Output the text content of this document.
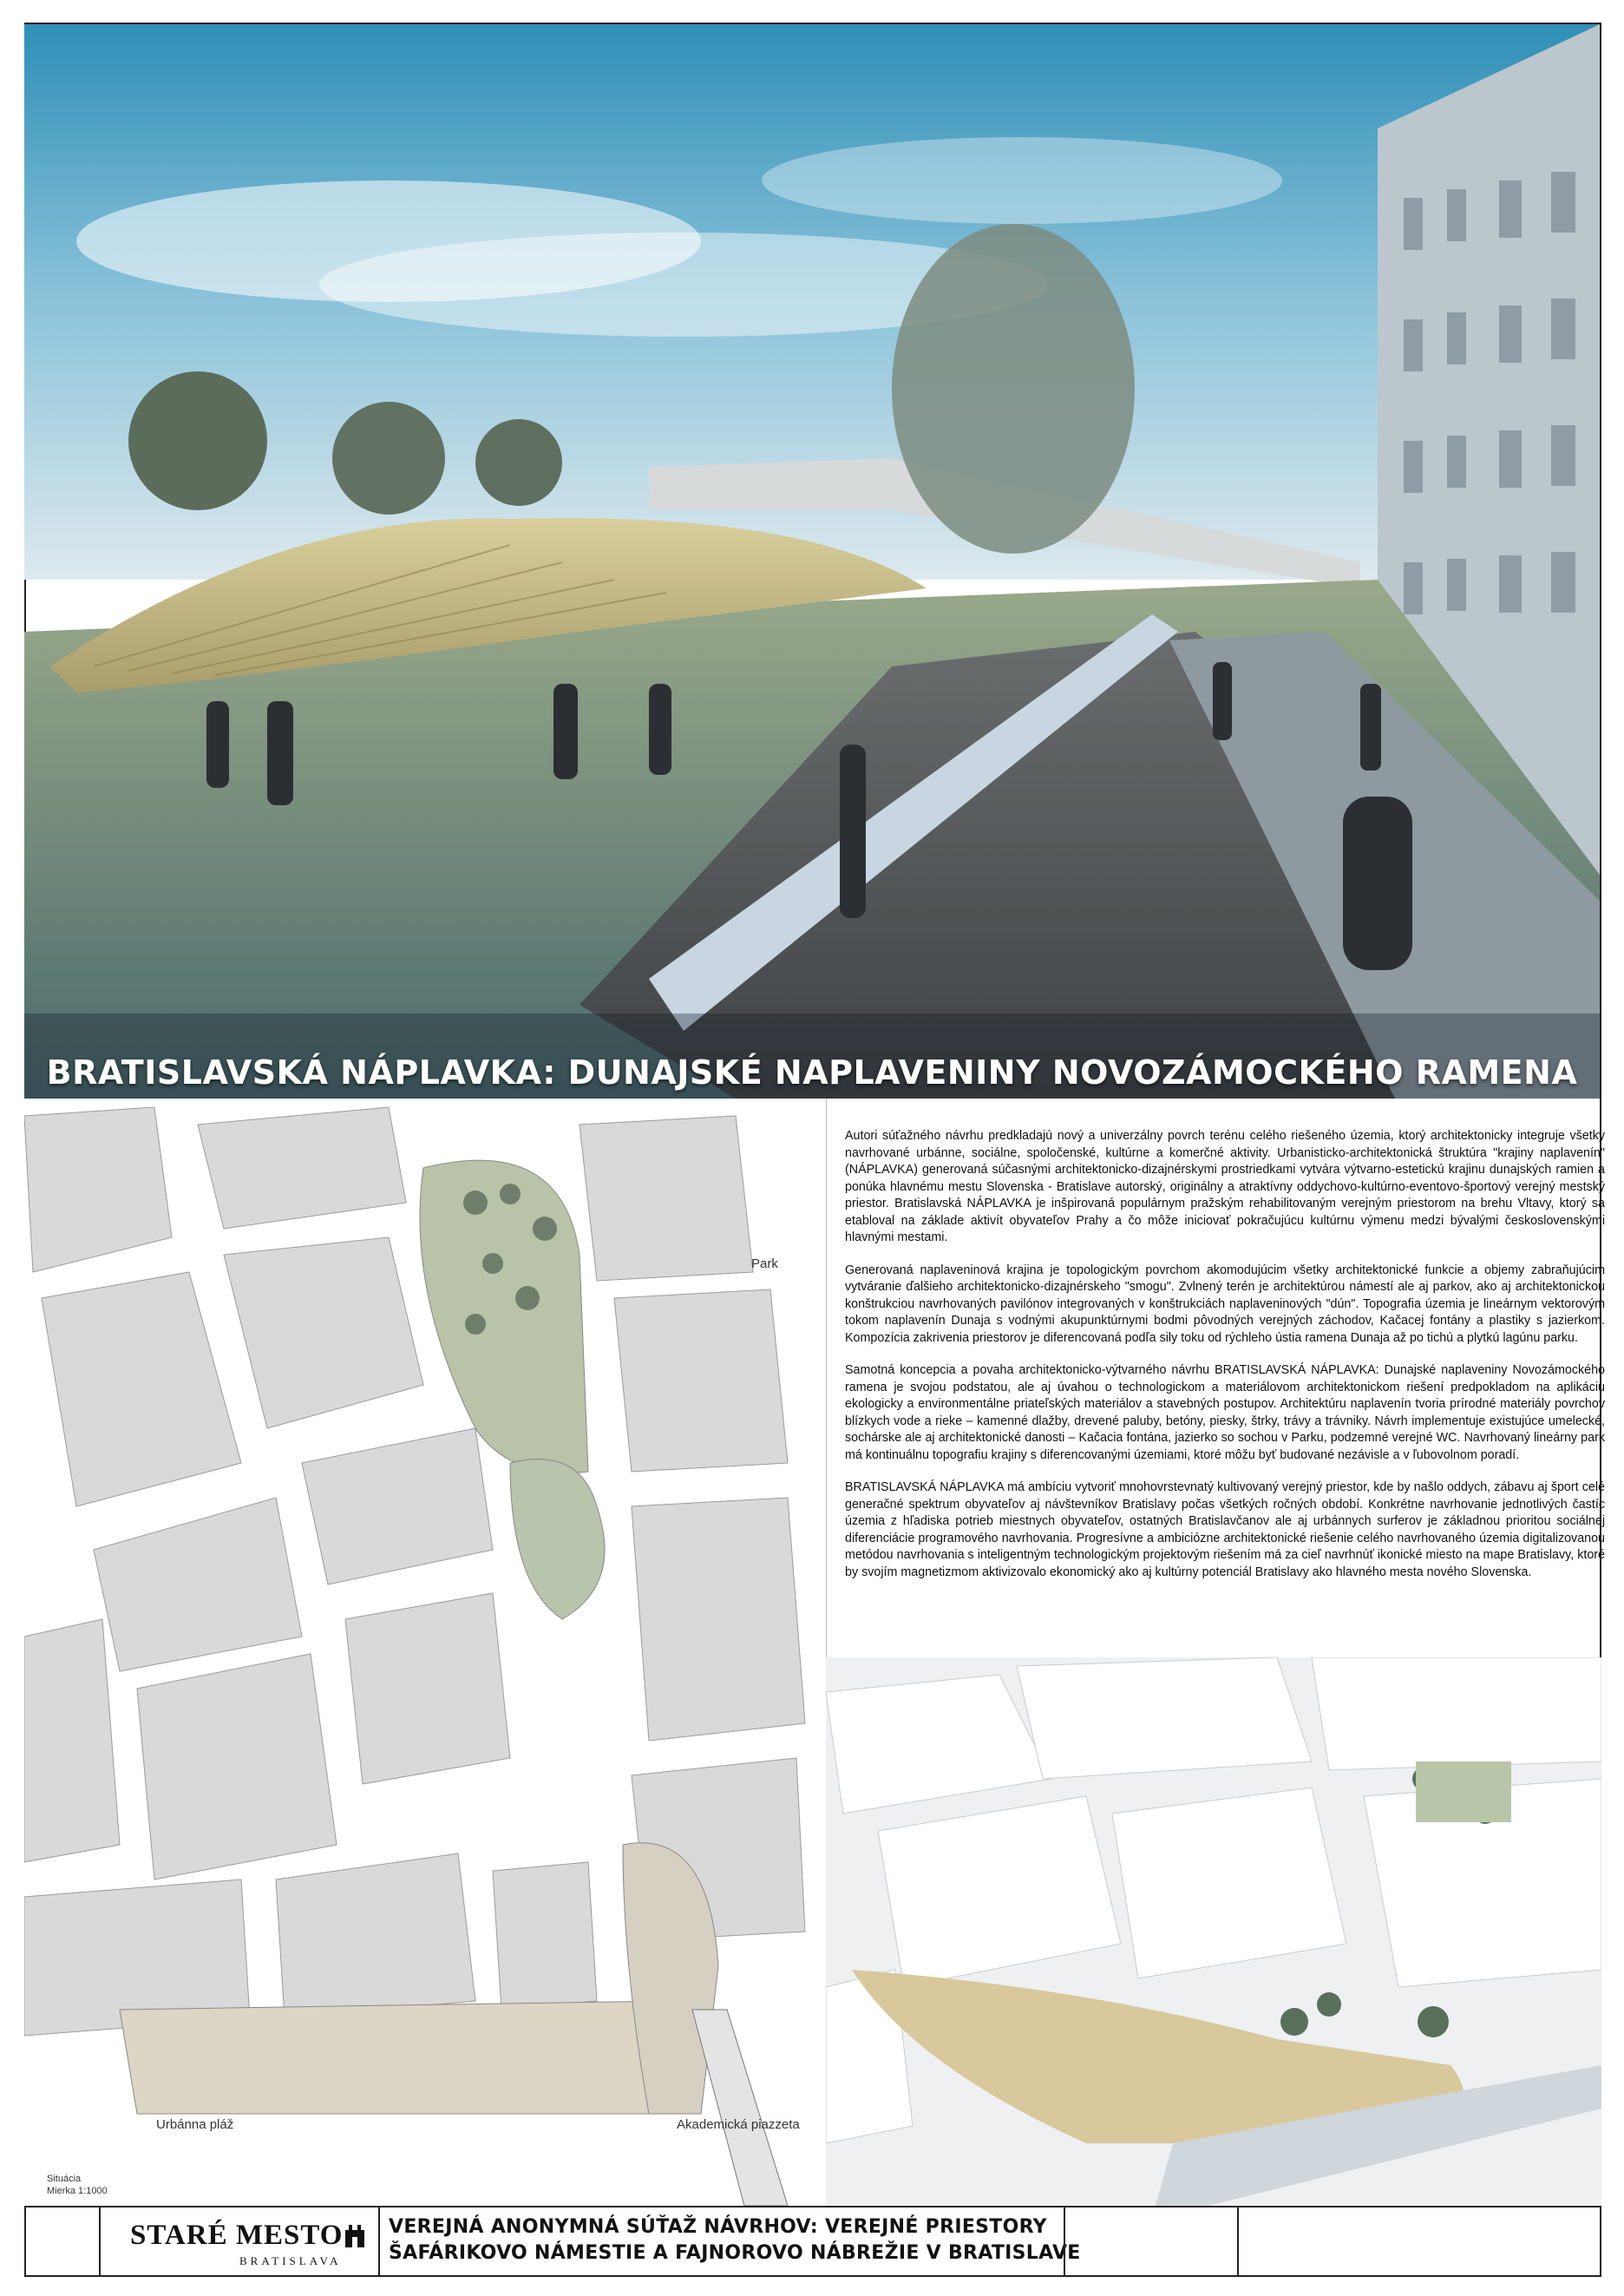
BRATISLAVSKÁ NÁPLAVKA: DUNAJSKÉ NAPLAVENINY NOVOZÁMOCKÉHO RAMENA
Park
Urbánna pláž	Akademická piazzeta
Situácia
Mierka 1:1000

Autori súťažného návrhu predkladajú nový a univerzálny povrch terénu celého riešeného územia, ktorý architektonicky integruje všetky navrhované urbánne, sociálne, spoločenské, kultúrne a komerčné aktivity. Urbanisticko-architektonická štruktúra "krajiny naplavenín" (NÁPLAVKA) generovaná súčasnými architektonicko-dizajnérskymi prostriedkami vytvára výtvarno-estetickú krajinu dunajských ramien a ponúka hlavnému mestu Slovenska - Bratislave autorský, originálny a atraktívny oddychovo-kultúrno-eventovo-športový verejný mestský priestor. Bratislavská NÁPLAVKA je inšpirovaná populárnym pražským rehabilitovaným verejným priestorom na brehu Vltavy, ktorý sa etabloval na základe aktivít obyvateľov Prahy a čo môže iniciovať pokračujúcu kultúrnu výmenu medzi bývalými československými hlavnými mestami.

Generovaná naplaveninová krajina je topologickým povrchom akomodujúcim všetky architektonické funkcie a objemy zabraňujúcim vytváranie ďalšieho architektonicko-dizajnérskeho "smogu". Zvlnený terén je architektúrou námestí ale aj parkov, ako aj architektonickou konštrukciou navrhovaných pavilónov integrovaných v konštrukciách naplaveninových "dún". Topografia územia je lineárnym vektorovým tokom naplavenín Dunaja s vodnými akupunktúrnymi bodmi pôvodných verejných záchodov, Kačacej fontány a plastiky s jazierkom. Kompozícia zakrivenia priestorov je diferencovaná podľa sily toku od rýchleho ústia ramena Dunaja až po tichú a plytkú lagúnu parku.

Samotná koncepcia a povaha architektonicko-výtvarného návrhu BRATISLAVSKÁ NÁPLAVKA: Dunajské naplaveniny Novozámockého ramena je svojou podstatou, ale aj úvahou o technologickom a materiálovom architektonickom riešení predpokladom na aplikáciu ekologicky a environmentálne priateľských materiálov a stavebných postupov. Architektúru naplavenín tvoria prírodné materiály povrchov blízkych vode a rieke – kamenné dlažby, drevené paluby, betóny, piesky, štrky, trávy a trávniky. Návrh implementuje existujúce umelecké, sochárske ale aj architektonické danosti – Kačacia fontána, jazierko so sochou v Parku, podzemné verejné WC. Navrhovaný lineárny park má kontinuálnu topografiu krajiny s diferencovanými územiami, ktoré môžu byť budované nezávisle a v ľubovolnom poradí.

BRATISLAVSKÁ NÁPLAVKA má ambíciu vytvoriť mnohovrstevnatý kultivovaný verejný priestor, kde by našlo oddych, zábavu aj šport celé generačné spektrum obyvateľov aj návštevníkov Bratislavy počas všetkých ročných období. Konkrétne navrhovanie jednotlivých častíc územia z hľadiska potrieb miestnych obyvateľov, ostatných Bratislavčanov ale aj urbánnych surferov je základnou prioritou sociálnej diferenciácie programového navrhovania. Progresívne a ambiciózne architektonické riešenie celého navrhovaného územia digitalizovanou metódou navrhovania s inteligentným technologickým projektovým riešením má za cieľ navrhnúť ikonické miesto na mape Bratislavy, ktoré by svojím magnetizmom aktivizovalo ekonomický ako aj kultúrny potenciál Bratislavy ako hlavného mesta nového Slovenska.

STARÉ MESTO
BRATISLAVA
VEREJNÁ ANONYMNÁ SÚŤAŽ NÁVRHOV: VEREJNÉ PRIESTORY
ŠAFÁRIKOVO NÁMESTIE A FAJNOROVO NÁBREŽIE V BRATISLAVE
